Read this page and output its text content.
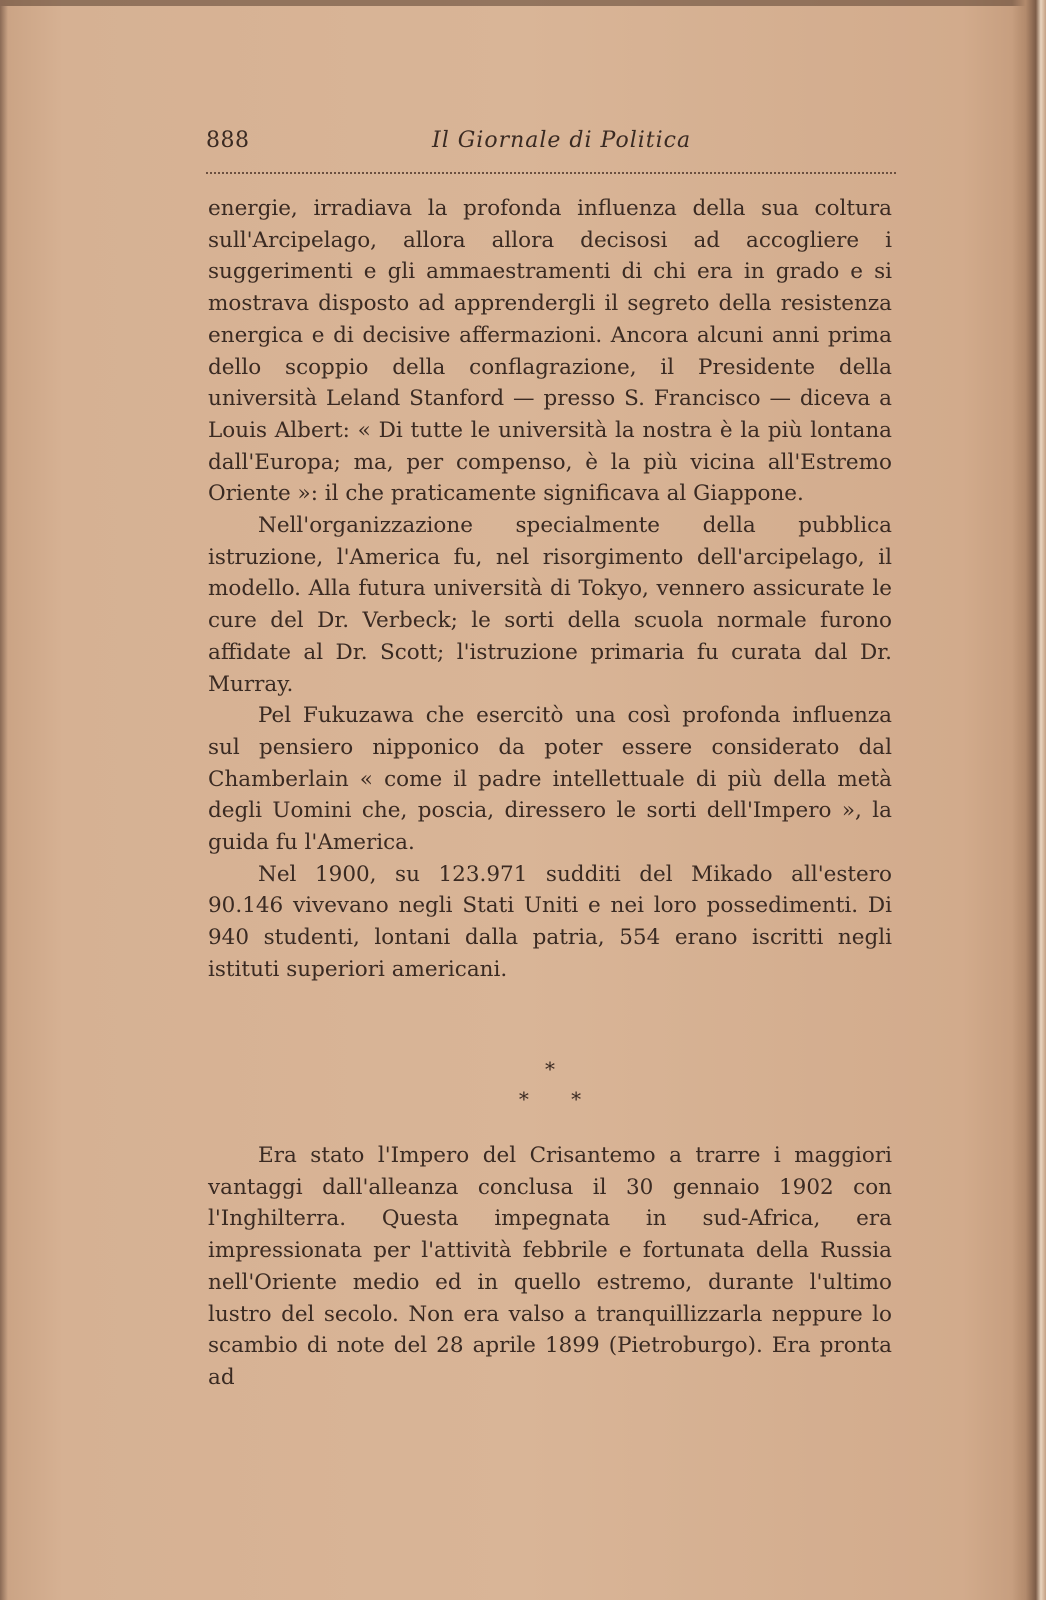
888	Il Giornale di Politica

energie, irradiava la profonda influenza della sua coltura sull'Arcipelago, allora allora decisosi ad accogliere i suggerimenti e gli ammaestramenti di chi era in grado e si mostrava disposto ad apprendergli il segreto della resistenza energica e di decisive affermazioni. Ancora alcuni anni prima dello scoppio della conflagrazione, il Presidente della università Leland Stanford — presso S. Francisco — diceva a Louis Albert: « Di tutte le università la nostra è la più lontana dall'Europa; ma, per compenso, è la più vicina all'Estremo Oriente »: il che praticamente significava al Giappone.

Nell'organizzazione specialmente della pubblica istruzione, l'America fu, nel risorgimento dell'arcipelago, il modello. Alla futura università di Tokyo, vennero assicurate le cure del Dr. Verbeck; le sorti della scuola normale furono affidate al Dr. Scott; l'istruzione primaria fu curata dal Dr. Murray.

Pel Fukuzawa che esercitò una così profonda influenza sul pensiero nipponico da poter essere considerato dal Chamberlain « come il padre intellettuale di più della metà degli Uomini che, poscia, diressero le sorti dell'Impero », la guida fu l'America.

Nel 1900, su 123.971 sudditi del Mikado all'estero 90.146 vivevano negli Stati Uniti e nei loro possedimenti. Di 940 studenti, lontani dalla patria, 554 erano iscritti negli istituti superiori americani.

*
* *

Era stato l'Impero del Crisantemo a trarre i maggiori vantaggi dall'alleanza conclusa il 30 gennaio 1902 con l'Inghilterra. Questa impegnata in sud-Africa, era impressionata per l'attività febbrile e fortunata della Russia nell'Oriente medio ed in quello estremo, durante l'ultimo lustro del secolo. Non era valso a tranquillizzarla neppure lo scambio di note del 28 aprile 1899 (Pietroburgo). Era pronta ad
